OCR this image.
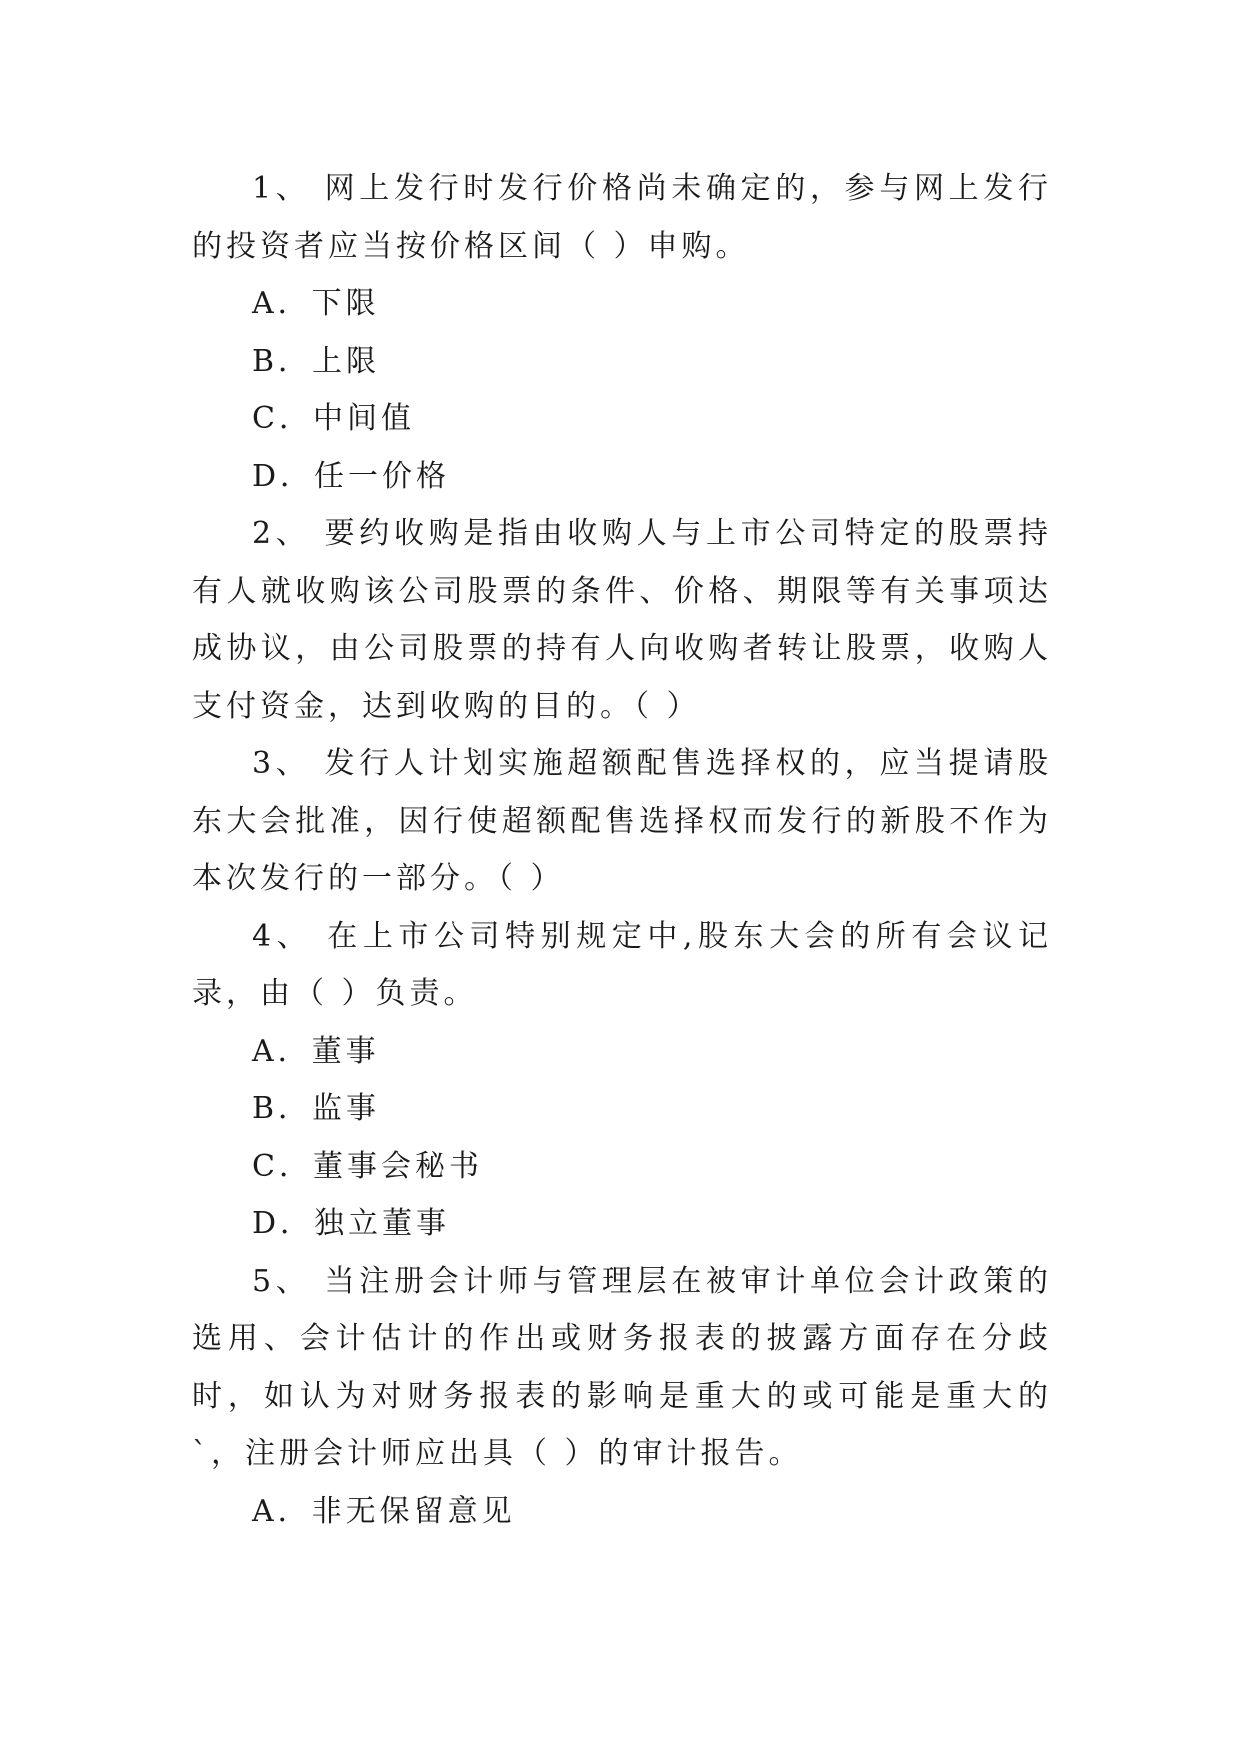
1、 网上发行时发行价格尚未确定的，参与网上发行的投资者应当按价格区间（ ）申购。

A．下限

B．上限

C．中间值

D．任一价格

2、 要约收购是指由收购人与上市公司特定的股票持有人就收购该公司股票的条件、价格、期限等有关事项达成协议，由公司股票的持有人向收购者转让股票，收购人支付资金，达到收购的目的。（ ）

3、 发行人计划实施超额配售选择权的，应当提请股东大会批准，因行使超额配售选择权而发行的新股不作为本次发行的一部分。（ ）

4、 在上市公司特别规定中,股东大会的所有会议记录，由（ ）负责。

A．董事

B．监事

C．董事会秘书

D．独立董事

5、 当注册会计师与管理层在被审计单位会计政策的选用、会计估计的作出或财务报表的披露方面存在分歧时，如认为对财务报表的影响是重大的或可能是重大的`，注册会计师应出具（ ）的审计报告。

A．非无保留意见
